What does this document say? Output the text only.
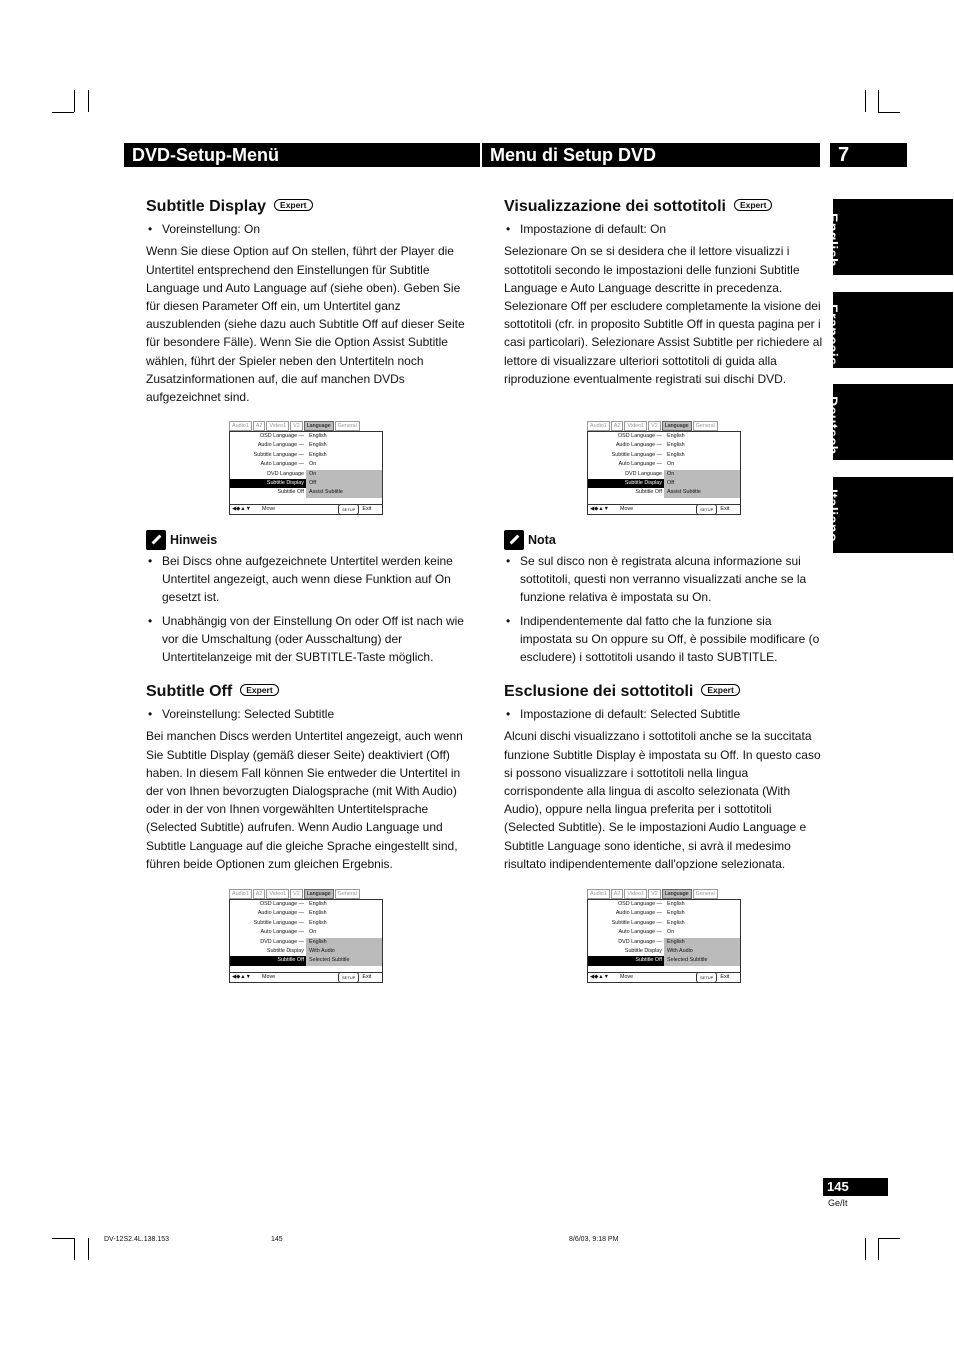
DVD-Setup-Menü	Menu di Setup DVD	7
English
Français
Deutsch
Italiano
Subtitle Display Expert

• Voreinstellung: On

Wenn Sie diese Option auf On stellen, führt der Player die Untertitel entsprechend den Einstellungen für Subtitle Language und Auto Language auf (siehe oben). Geben Sie für diesen Parameter Off ein, um Untertitel ganz auszublenden (siehe dazu auch Subtitle Off auf dieser Seite für besondere Fälle). Wenn Sie die Option Assist Subtitle wählen, führt der Spieler neben den Untertiteln noch Zusatzinformationen auf, die auf manchen DVDs aufgezeichnet sind.

Hinweis

• Bei Discs ohne aufgezeichnete Untertitel werden keine Untertitel angezeigt, auch wenn diese Funktion auf On gesetzt ist.

• Unabhängig von der Einstellung On oder Off ist nach wie vor die Umschaltung (oder Ausschaltung) der Untertitelanzeige mit der SUBTITLE-Taste möglich.

Subtitle Off Expert

• Voreinstellung: Selected Subtitle

Bei manchen Discs werden Untertitel angezeigt, auch wenn Sie Subtitle Display (gemäß dieser Seite) deaktiviert (Off) haben. In diesem Fall können Sie entweder die Untertitel in der von Ihnen bevorzugten Dialogsprache (mit With Audio) oder in der von Ihnen vorgewählten Untertitelsprache (Selected Subtitle) aufrufen. Wenn Audio Language und Subtitle Language auf die gleiche Sprache eingestellt sind, führen beide Optionen zum gleichen Ergebnis.

Visualizzazione dei sottotitoli Expert

• Impostazione di default: On

Selezionare On se si desidera che il lettore visualizzi i sottotitoli secondo le impostazioni delle funzioni Subtitle Language e Auto Language descritte in precedenza. Selezionare Off per escludere completamente la visione dei sottotitoli (cfr. in proposito Subtitle Off in questa pagina per i casi particolari). Selezionare Assist Subtitle per richiedere al lettore di visualizzare ulteriori sottotitoli di guida alla riproduzione eventualmente registrati sui dischi DVD.

Nota

• Se sul disco non è registrata alcuna informazione sui sottotitoli, questi non verranno visualizzati anche se la funzione relativa è impostata su On.

• Indipendentemente dal fatto che la funzione sia impostata su On oppure su Off, è possibile modificare (o escludere) i sottotitoli usando il tasto SUBTITLE.

Esclusione dei sottotitoli Expert

• Impostazione di default: Selected Subtitle

Alcuni dischi visualizzano i sottotitoli anche se la succitata funzione Subtitle Display è impostata su Off. In questo caso si possono visualizzare i sottotitoli nella lingua corrispondente alla lingua di ascolto selezionata (With Audio), oppure nella lingua preferita per i sottotitoli (Selected Subtitle). Se le impostazioni Audio Language e Subtitle Language sono identiche, si avrà il medesimo risultato indipendentemente dall'opzione selezionata.

Audio1	A2	Video1	V2	Language	General
OSD Language — English
Audio Language — English
Subtitle Language — English
Auto Language — On
DVD Language On
Subtitle Display Off
Subtitle Off Assist Subtitle
◀◆▲▼	Move	SETUP	Exit
Audio1	A2	Video1	V2	Language	General
OSD Language — English
Audio Language — English
Subtitle Language — English
Auto Language — On
DVD Language On
Subtitle Display Off
Subtitle Off Assist Subtitle
◀◆▲▼	Move	SETUP	Exit
Audio1	A2	Video1	V2	Language	General
OSD Language — English
Audio Language — English
Subtitle Language — English
Auto Language — On
DVD Language — English
Subtitle Display With Audio
Subtitle Off Selected Subtitle
◀◆▲▼	Move	SETUP	Exit
Audio1	A2	Video1	V2	Language	General
OSD Language — English
Audio Language — English
Subtitle Language — English
Auto Language — On
DVD Language — English
Subtitle Display With Audio
Subtitle Off Selected Subtitle
◀◆▲▼	Move	SETUP	Exit
145
Ge/It
DV-12S2.4L.138.153	145	8/6/03, 9:18 PM
